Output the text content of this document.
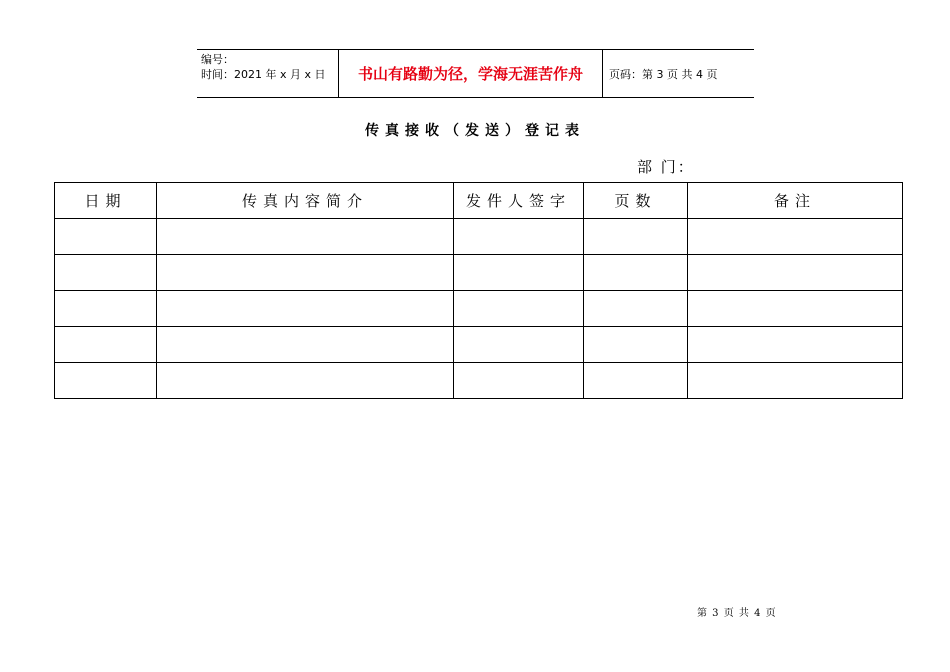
编号：
时间：2021 年 x 月 x 日	书山有路勤为径，学海无涯苦作舟	页码：第 3 页 共 4 页
传真接收（发送）登记表
部 门：
日期	传真内容简介	发件人签字	页数	备注

第 3 页 共 4 页
